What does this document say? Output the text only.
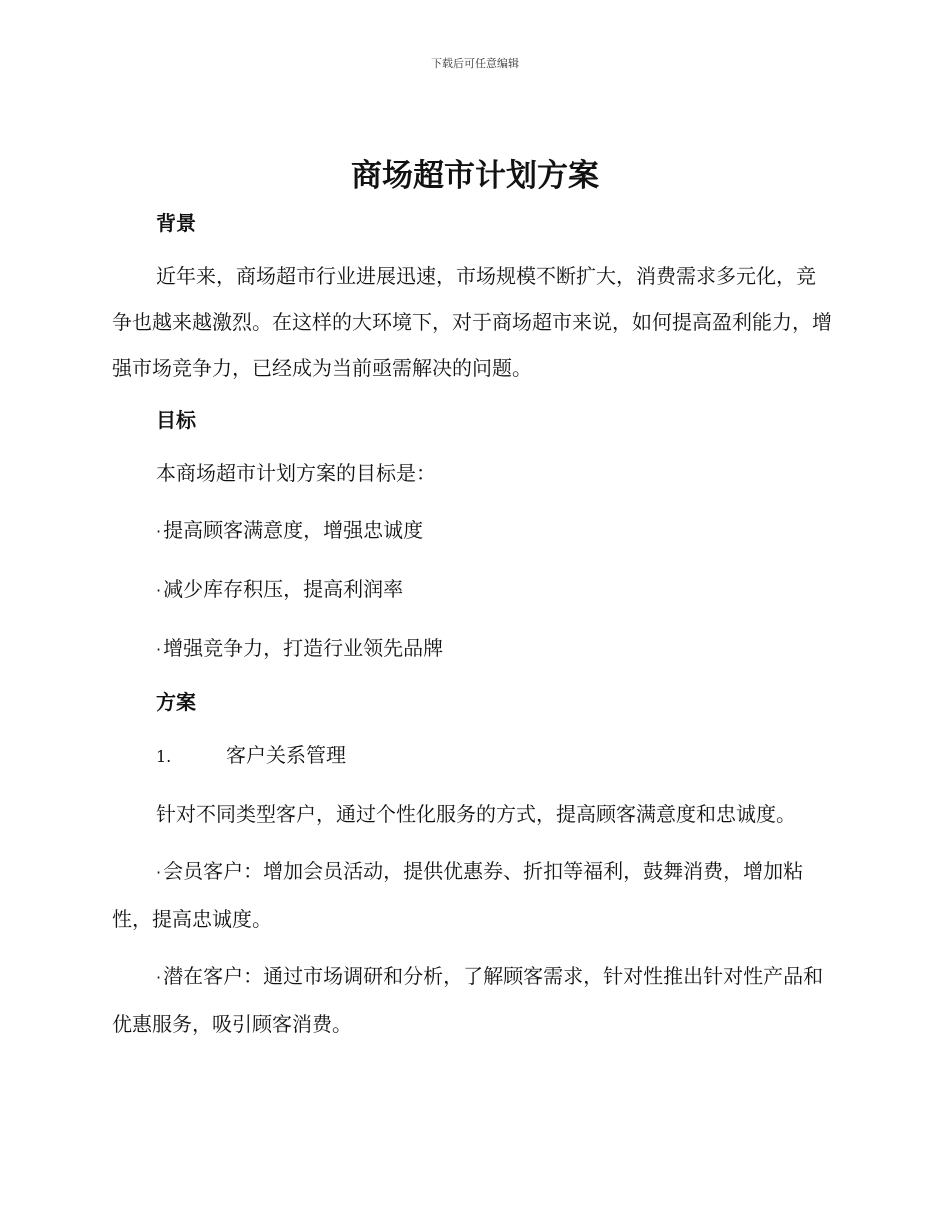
下载后可任意编辑
商场超市计划方案
背景
近年来，商场超市行业进展迅速，市场规模不断扩大，消费需求多元化，竞争也越来越激烈。在这样的大环境下，对于商场超市来说，如何提高盈利能力，增强市场竞争力，已经成为当前亟需解决的问题。
目标
本商场超市计划方案的目标是：
· 提高顾客满意度，增强忠诚度
· 减少库存积压，提高利润率
· 增强竞争力，打造行业领先品牌
方案
1.	客户关系管理
针对不同类型客户，通过个性化服务的方式，提高顾客满意度和忠诚度。
· 会员客户：增加会员活动，提供优惠券、折扣等福利，鼓舞消费，增加粘性，提高忠诚度。
· 潜在客户：通过市场调研和分析，了解顾客需求，针对性推出针对性产品和优惠服务，吸引顾客消费。
